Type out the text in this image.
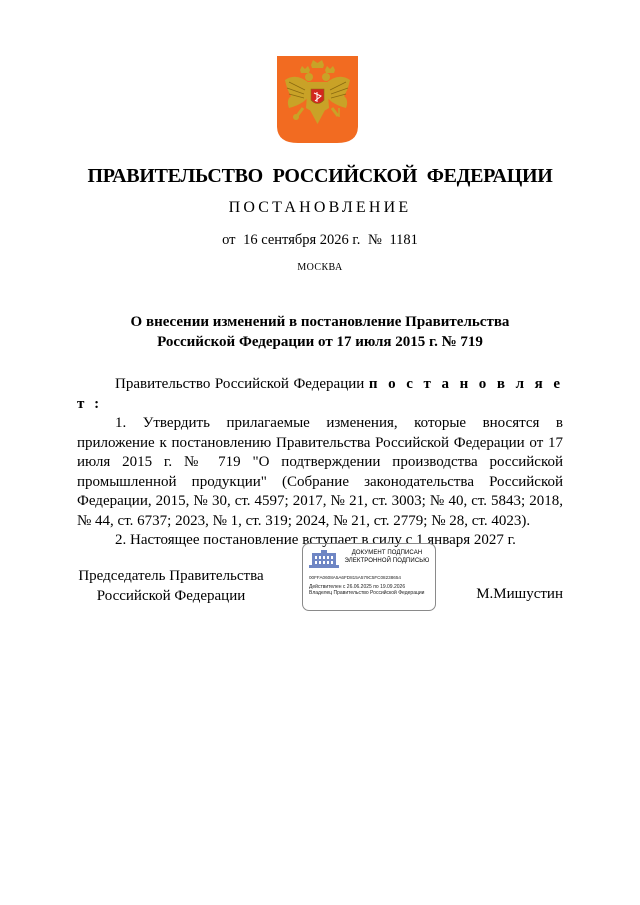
ПРАВИТЕЛЬСТВО РОССИЙСКОЙ ФЕДЕРАЦИИ
ПОСТАНОВЛЕНИЕ
от 16 сентября 2026 г. № 1181
МОСКВА
О внесении изменений в постановление Правительства
Российской Федерации от 17 июля 2015 г. № 719

Правительство Российской Федерации п о с т а н о в л я е т :

1. Утвердить прилагаемые изменения, которые вносятся в приложение к постановлению Правительства Российской Федерации от 17 июля 2015 г. № 719 "О подтверждении производства российской промышленной продукции" (Собрание законодательства Российской Федерации, 2015, № 30, ст. 4597; 2017, № 21, ст. 3003; № 40, ст. 5843; 2018, № 44, ст. 6737; 2023, № 1, ст. 319; 2024, № 21, ст. 2779; № 28, ст. 4023).

2. Настоящее постановление вступает в силу с 1 января 2027 г.

Председатель Правительства
Российской Федерации
ДОКУМЕНТ ПОДПИСАН
ЭЛЕКТРОННОЙ ПОДПИСЬЮ
00FFA0608A5A6FD815A579C5FC08238654
Действителен с 26.06.2025 по 19.09.2026
Владелец Правительство Российской Федерации	М.Мишустин
